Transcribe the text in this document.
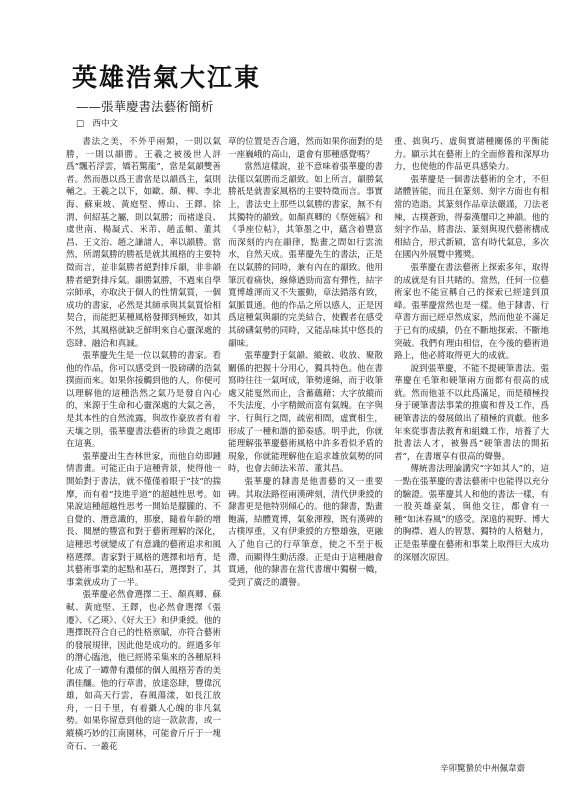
英雄浩氣大江東
——張華慶書法藝術簡析
□　西中文

書法之美，不外乎兩類，一則以氣勝，一則以韻勝。王羲之被後世人評爲“飄若浮雲，矯若驚龍”，當是氣韻雙善者。然而愚以爲王書當是以韻爲主，氣則輔之。王羲之以下，如歐、顏、柳、李北海、蘇東坡、黃庭堅、傅山、王鐸、徐渭、何紹基之屬，則以氣勝；而褚遂良、虞世南、楊凝式、米芾、趙孟頫、董其昌、王文治、趙之謙諸人，率以韻勝。當然，所謂氣勝的勝祇是就其風格的主要特徵而言，並非氣勝者絕對排斥韻，非非韻勝者絕對排斥氣。韻勝氣勝，不過來自學宗師承，亦取決于個人的性情氣質，一個成功的書家，必然是其師承與其氣質恰相契合，而能把某種風格發揮到極致，如其不然，其風格就缺乏鮮明來自心靈深處的恣肆、融洽和真誠。

張華慶先生是一位以氣勝的書家。看他的作品，你可以感受到一股磅礴的浩氣撲面而來。如果你接觸到他的人，你便可以理解他的這種浩然之氣乃是發自內心的，來源于生命和心靈深處的大氣之善，是其本性的自然流露，與故作豪放者有着天壤之別，張華慶書法藝術的珍貴之處即在這裏。

張華慶出生杏林世家，而他自幼即鍾情書畫。可能正由于這種背景，使得他一開始對于書法，就不僅僅着眼于“技”的揣摩，而有着“技進乎道”的超越性思考。如果說這種超越性思考一開始是朦朧的、不自覺的、潛意識的，那麼，隨着年齡的增長、閱歷的豐富和對于藝術理解的深化，這種思考就變成了有意識的藝術追求和風格選擇。書家對于風格的選擇和培育，是其藝術事業的起點和基石，選擇對了，其事業就成功了一半。

張華慶必然會選擇二王、顏真卿、蘇軾、黃庭堅、王鐸，也必然會選擇《張遷》、《乙瑛》、《好大王》和伊秉綬。他的選擇既符合自己的性格禀賦，亦符合藝術的發展規律，因此他是成功的。經過多年的潛心臨池，他已經將采集來的各種原料化成了一罈帶有濃郁的個人風格芳香的美酒佳釀。他的行草書，放達恣肆，豐偉沉雄，如高天行雲，春風蕩漾，如長江放舟，一日千里，有着攝人心魄的非凡氣勢。如果你留意到他的這一款款書，或一縱橫巧妙的江南園林，可能會斤斤于一塊奇石、一叢花

草的位置是否合適，然而如果你面對的是一座巍峨的高山，還會有那種感覺嗎？

當然這樣說，並不意味着張華慶的書法僅以氣勝而乏韻致。如上所言，韻勝氣勝祇是就書家風格的主要特徵而言。事實上，書法史上那些以氣勝的書家，無不有其獨特的韻致。如顏真卿的《祭姪稿》和《爭座位帖》，其筆墨之中，蘊含着豐富而深刻的内在韻律，點畫之間如行雲流水，自然天成。張華慶先生的書法，正是在以氣勝的同時，兼有內在的韻致。他用筆沉着痛快，線條遒勁而富有彈性，結字寬博雄渾而又不失靈動，章法錯落有致，氣脈貫通。他的作品之所以感人，正是因爲這種氣與韻的完美結合，使觀者在感受其磅礴氣勢的同時，又能品味其中悠長的韻味。

張華慶對于氣韻、縱斂、收放、聚散關係的把握十分用心，獨具特色。他在書寫時往往一氣呵成，筆勢連綿，而于收筆處又能戛然而止，含蓄蘊藉；大字放縱而不失法度，小字精緻而富有氣魄。在字與字、行與行之間，疏密相間，虛實相生，形成了一種和諧的節奏感。明乎此，你就能理解張華慶藝術風格中許多看似矛盾的現象，你就能理解他在追求雄放氣勢的同時，也會去師法米芾、董其昌。

張華慶的隸書是他書藝的又一重要碑。其取法路徑兩漢碑刻，清代伊秉綬的隸書更是他特別傾心的。他的隸書，點畫飽滿，結體寬博，氣象渾穆，既有漢碑的古樸厚重，又有伊秉綬的方整雄強，更融入了他自己的行草筆意，使之不至于板滯，而顯得生動活潑。正是由于這種融會貫通，他的隸書在當代書壇中獨樹一幟，受到了廣泛的讚譽。

重、拙與巧、虛與實諸種關係的平衡能力。顯示其在藝術上的全面修養和深厚功力，也使他的作品更具感染力。

張華慶是一個書法藝術的全才，不但諸體皆能，而且在篆刻、刻字方面也有相當的造詣。其篆刻作品章法嚴謹，刀法老辣，古樸蒼勁，得秦漢璽印之神韻。他的刻字作品，將書法、篆刻與現代藝術構成相結合，形式新穎，富有時代氣息，多次在國內外展覽中獲獎。

張華慶在書法藝術上探索多年，取得的成就是有目共睹的。當然，任何一位藝術家也不能宣稱自己的探索已經達到頂峰。張華慶當然也是一樣。他于隸書、行草書方面已經卓然成家，然而他並不滿足于已有的成績，仍在不斷地探索、不斷地突破。我們有理由相信，在今後的藝術道路上，他必將取得更大的成就。

說到張華慶，不能不提硬筆書法。張華慶在毛筆和硬筆兩方面都有很高的成就。然而他並不以此爲滿足，而是積極投身于硬筆書法事業的推廣和普及工作，爲硬筆書法的發展做出了積極的貢獻。他多年來從事書法教育和組織工作，培養了大批書法人才，被譽爲“硬筆書法的開拓者”，在書壇享有很高的聲譽。

傳統書法理論講究“字如其人”的，這一點在張華慶的書法藝術中也能得以充分的驗證。張華慶其人和他的書法一樣，有一股英雄豪氣，與他交往，都會有一種“如沐春風”的感受。深遠的視野、博大的胸襟、過人的智慧、獨特的人格魅力，正是張華慶在藝術和事業上取得巨大成功的深層次原因。

辛卯驚蟄於中州佩韋齋
